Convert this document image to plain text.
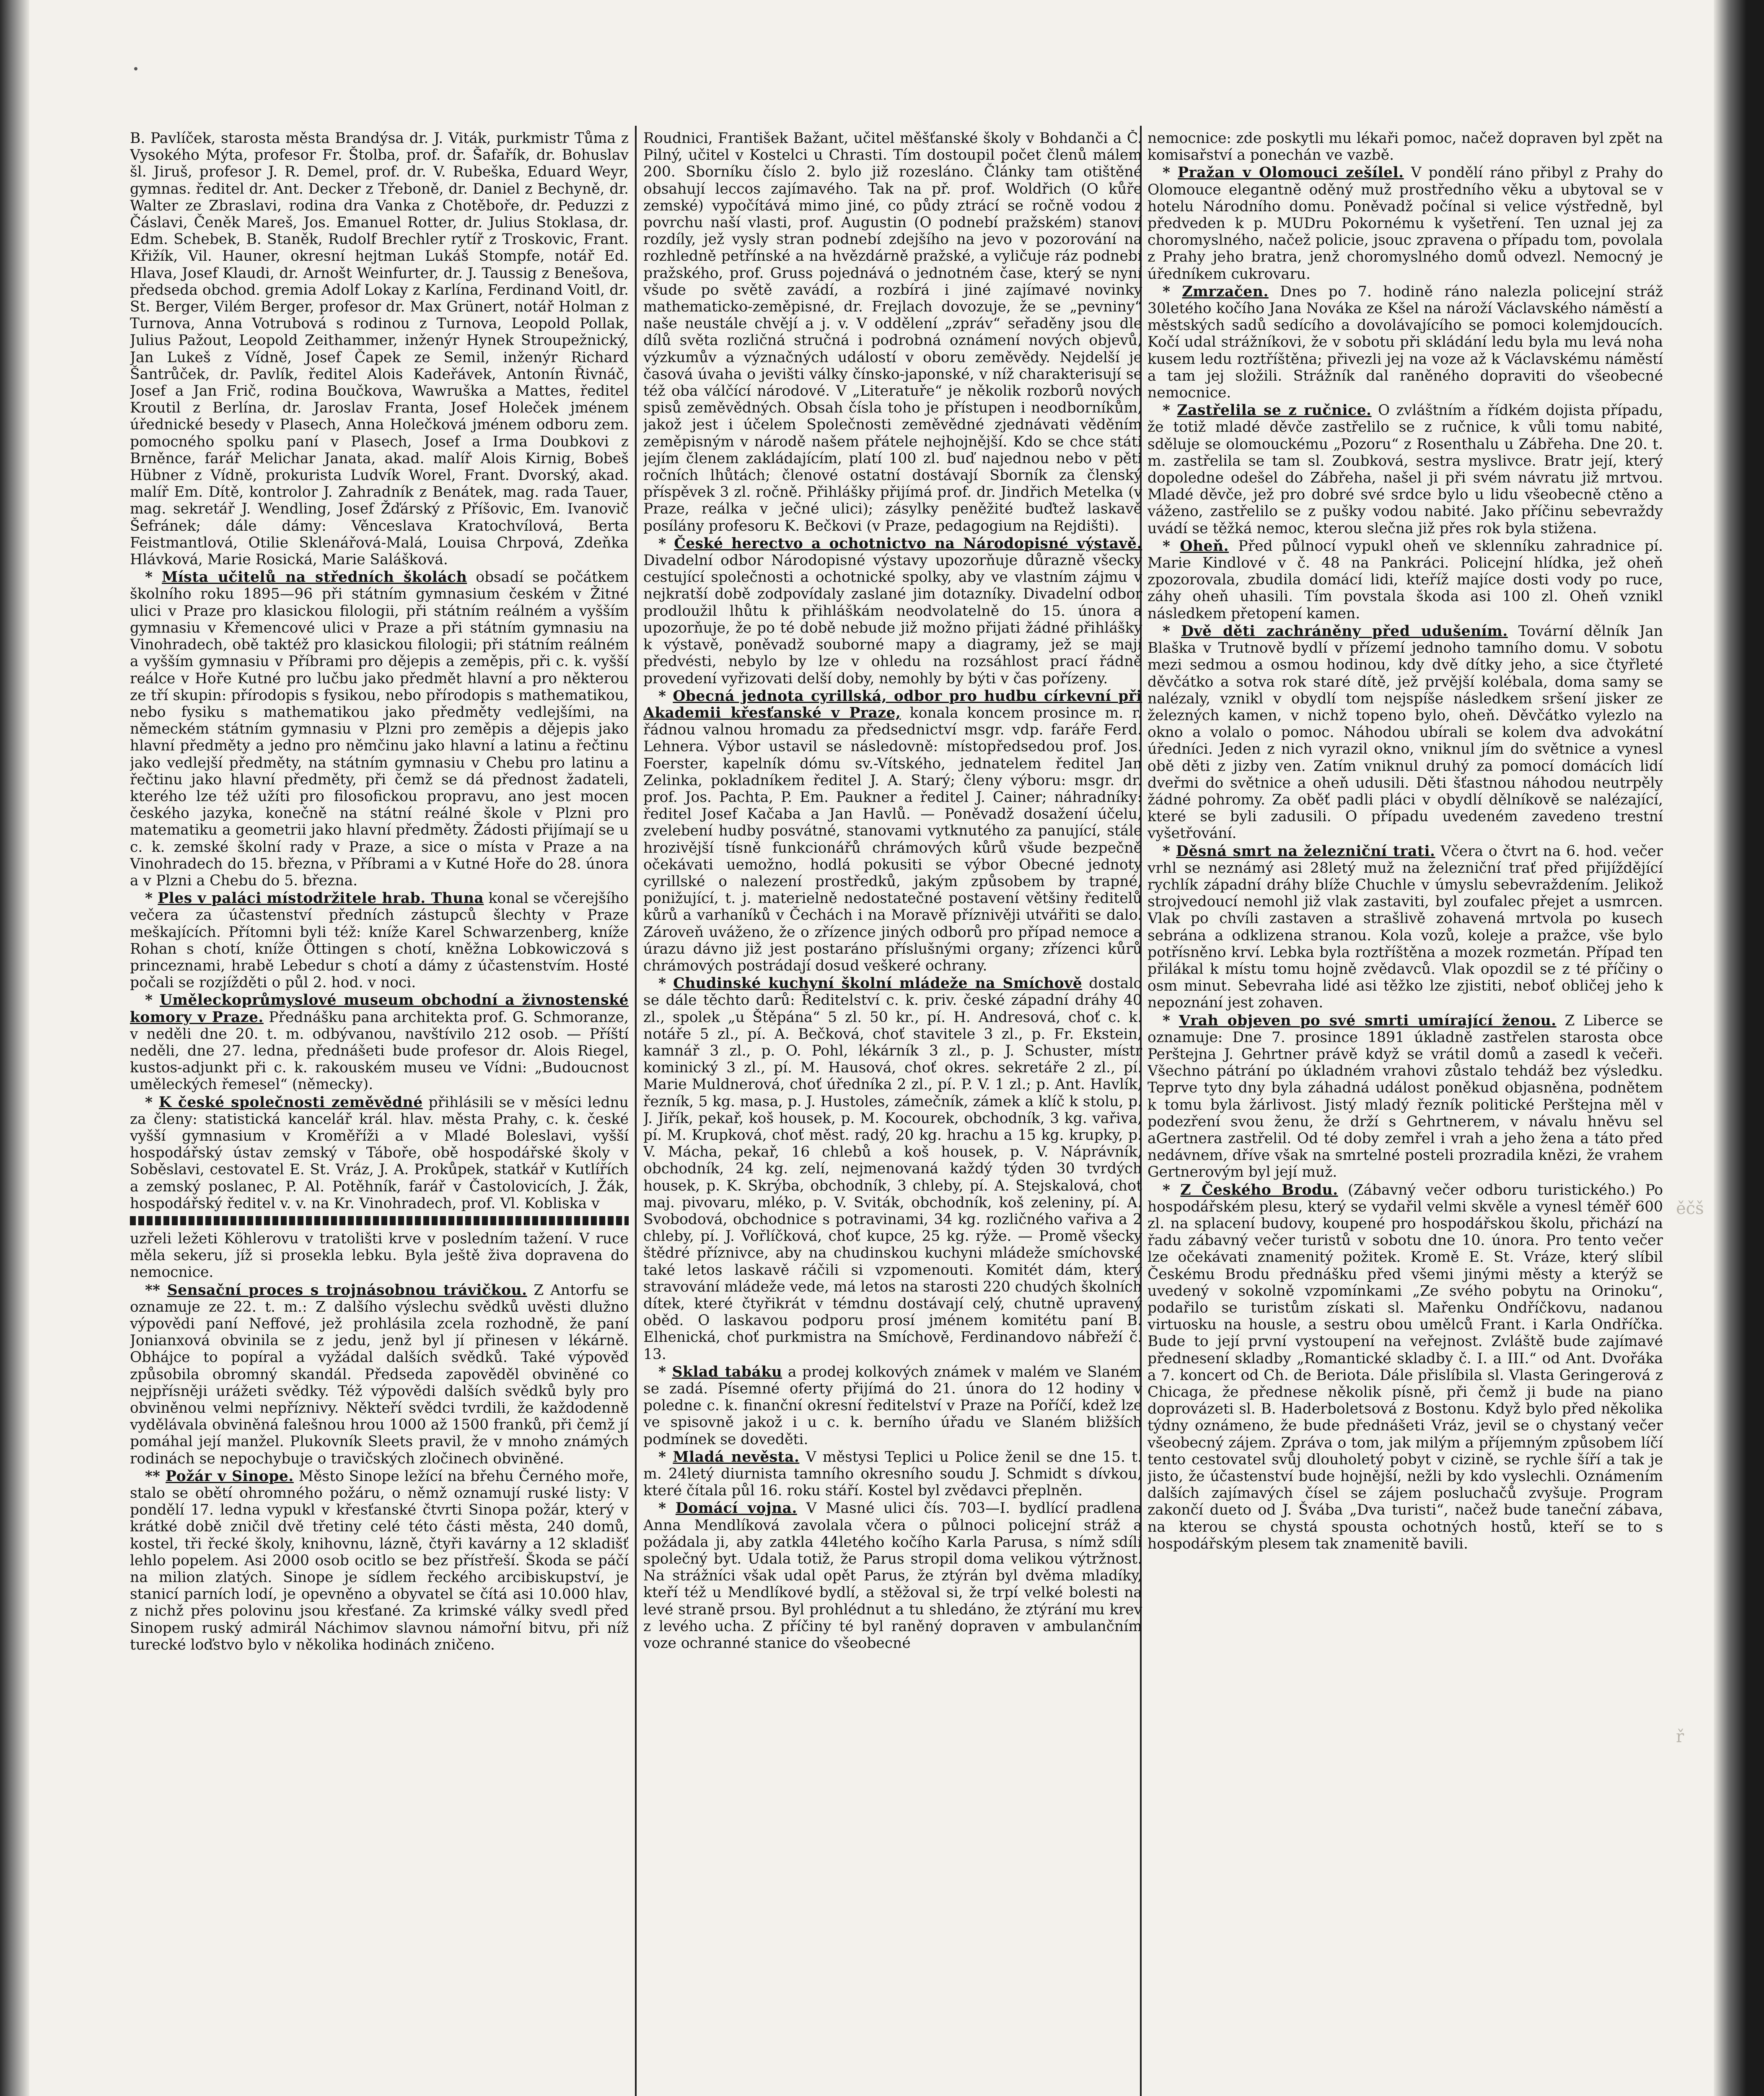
B. Pavlíček, starosta města Brandýsa dr. J. Viták, purkmistr Tůma z Vysokého Mýta, profesor Fr. Štolba, prof. dr. Šafařík, dr. Bohuslav šl. Jiruš, profesor J. R. Demel, prof. dr. V. Rubeška, Eduard Weyr, gymnas. ředitel dr. Ant. Decker z Třeboně, dr. Daniel z Bechyně, dr. Walter ze Zbraslavi, rodina dra Vanka z Chotěboře, dr. Peduzzi z Čáslavi, Čeněk Mareš, Jos. Emanuel Rotter, dr. Julius Stoklasa, dr. Edm. Schebek, B. Staněk, Rudolf Brechler rytíř z Troskovic, Frant. Křižík, Vil. Hauner, okresní hejtman Lukáš Stompfe, notář Ed. Hlava, Josef Klaudi, dr. Arnošt Weinfurter, dr. J. Taussig z Benešova, předseda obchod. gremia Adolf Lokay z Karlína, Ferdinand Voitl, dr. St. Berger, Vilém Berger, profesor dr. Max Grünert, notář Holman z Turnova, Anna Votrubová s rodinou z Turnova, Leopold Pollak, Julius Pažout, Leopold Zeithammer, inženýr Hynek Stroupežnický, Jan Lukeš z Vídně, Josef Čapek ze Semil, inženýr Richard Šantrůček, dr. Pavlík, ředitel Alois Kadeřávek, Antonín Řivnáč, Josef a Jan Frič, rodina Boučkova, Wawruška a Mattes, ředitel Kroutil z Berlína, dr. Jaroslav Franta, Josef Holeček jménem úřednické besedy v Plasech, Anna Holečková jménem odboru zem. pomocného spolku paní v Plasech, Josef a Irma Doubkovi z Brněnce, farář Melichar Janata, akad. malíř Alois Kirnig, Bobeš Hübner z Vídně, prokurista Ludvík Worel, Frant. Dvorský, akad. malíř Em. Dítě, kontrolor J. Zahradník z Benátek, mag. rada Tauer, mag. sekretář J. Wendling, Josef Žďárský z Příšovic, Em. Ivanovič Šefránek; dále dámy: Věnceslava Kratochvílová, Berta Feistmantlová, Otilie Sklenářová-Malá, Louisa Chrpová, Zdeňka Hlávková, Marie Rosická, Marie Salášková.

* Místa učitelů na středních školách obsadí se počátkem školního roku 1895—96 při státním gymnasium českém v Žitné ulici v Praze pro klasickou filologii, při státním reálném a vyšším gymnasiu v Křemencové ulici v Praze a při státním gymnasiu na Vinohradech, obě taktéž pro klasickou filologii; při státním reálném a vyšším gymnasiu v Příbrami pro dějepis a zeměpis, při c. k. vyšší reálce v Hoře Kutné pro lučbu jako předmět hlavní a pro některou ze tří skupin: přírodopis s fysikou, nebo přírodopis s mathematikou, nebo fysiku s mathematikou jako předměty vedlejšími, na německém státním gymnasiu v Plzni pro zeměpis a dějepis jako hlavní předměty a jedno pro němčinu jako hlavní a latinu a řečtinu jako vedlejší předměty, na státním gymnasiu v Chebu pro latinu a řečtinu jako hlavní předměty, při čemž se dá přednost žadateli, kterého lze též užíti pro filosofickou propravu, ano jest mocen českého jazyka, konečně na státní reálné škole v Plzni pro matematiku a geometrii jako hlavní předměty. Žádosti přijímají se u c. k. zemské školní rady v Praze, a sice o místa v Praze a na Vinohradech do 15. března, v Příbrami a v Kutné Hoře do 28. února a v Plzni a Chebu do 5. března.

* Ples v paláci místodržitele hrab. Thuna konal se včerejšího večera za účastenství předních zástupců šlechty v Praze meškajících. Přítomni byli též: kníže Karel Schwarzenberg, kníže Rohan s chotí, kníže Öttingen s chotí, kněžna Lobkowiczová s princeznami, hrabě Lebedur s chotí a dámy z účastenstvím. Hosté počali se rozjížděti o půl 2. hod. v noci.

* Uměleckoprůmyslové museum obchodní a živnostenské komory v Praze. Přednášku pana architekta prof. G. Schmoranze, v neděli dne 20. t. m. odbývanou, navštívilo 212 osob. — Příští neděli, dne 27. ledna, přednášeti bude profesor dr. Alois Riegel, kustos-adjunkt při c. k. rakouském museu ve Vídni: „Budoucnost uměleckých řemesel“ (německy).

* K české společnosti zeměvědné přihlásili se v měsíci lednu za členy: statistická kancelář král. hlav. města Prahy, c. k. české vyšší gymnasium v Kroměříži a v Mladé Boleslavi, vyšší hospodářský ústav zemský v Táboře, obě hospodářské školy v Soběslavi, cestovatel E. St. Vráz, J. A. Prokůpek, statkář v Kutlířích a zemský poslanec, P. Al. Potěhník, farář v Častolovicích, J. Žák, hospodářský ředitel v. v. na Kr. Vinohradech, prof. Vl. Kobliska v

uzřeli ležeti Köhlerovu v tratolišti krve v posledním tažení. V ruce měla sekeru, jíž si prosekla lebku. Byla ještě živa dopravena do nemocnice.

** Sensační proces s trojnásobnou trávičkou. Z Antorfu se oznamuje ze 22. t. m.: Z dalšího výslechu svědků uvěsti dlužno výpovědi paní Neffové, jež prohlásila zcela rozhodně, že paní Jonianxová obvinila se z jedu, jenž byl jí přinesen v lékárně. Obhájce to popíral a vyžádal dalších svědků. Také výpověď způsobila obromný skandál. Předseda zapověděl obviněné co nejpřísněji urážeti svědky. Též výpovědi dalších svědků byly pro obviněnou velmi nepříznivy. Někteří svědci tvrdili, že každodenně vydělávala obviněná falešnou hrou 1000 až 1500 franků, při čemž jí pomáhal její manžel. Plukovník Sleets pravil, že v mnoho známých rodinách se nepochybuje o travičských zločinech obviněné.

** Požár v Sinope. Město Sinope ležící na břehu Černého moře, stalo se obětí ohromného požáru, o němž oznamují ruské listy: V pondělí 17. ledna vypukl v křesťanské čtvrti Sinopa požár, který v krátké době zničil dvě třetiny celé této části města, 240 domů, kostel, tři řecké školy, knihovnu, lázně, čtyři kavárny a 12 skladišť lehlo popelem. Asi 2000 osob ocitlo se bez přístřeší. Škoda se páčí na milion zlatých. Sinope je sídlem řeckého arcibiskupství, je stanicí parních lodí, je opevněno a obyvatel se čítá asi 10.000 hlav, z nichž přes polovinu jsou křesťané. Za krimské války svedl před Sinopem ruský admirál Náchimov slavnou námořní bitvu, při níž turecké loďstvo bylo v několika hodinách zničeno.

Roudnici, František Bažant, učitel měšťanské školy v Bohdanči a Č. Pilný, učitel v Kostelci u Chrasti. Tím dostoupil počet členů málem 200. Sborníku číslo 2. bylo již rozesláno. Články tam otištěné obsahují leccos zajímavého. Tak na př. prof. Woldřich (O kůře zemské) vypočítává mimo jiné, co půdy ztrácí se ročně vodou z povrchu naší vlasti, prof. Augustin (O podnebí pražském) stanoví rozdíly, jež vysly stran podnebí zdejšího na jevo v pozorování na rozhledně petřínské a na hvězdárně pražské, a vyličuje ráz podnebí pražského, prof. Gruss pojednává o jednotném čase, který se nyní všude po světě zavádí, a rozbírá i jiné zajímavé novinky mathematicko-zeměpisné, dr. Frejlach dovozuje, že se „pevniny“ naše neustále chvějí a j. v. V oddělení „zpráv“ seřaděny jsou dle dílů světa rozličná stručná i podrobná oznámení nových objevů, výzkumův a význačných událostí v oboru zeměvědy. Nejdelší je časová úvaha o jevišti války čínsko-japonské, v níž charakterisují se též oba válčící národové. V „Literatuře“ je několik rozborů nových spisů zeměvědných. Obsah čísla toho je přístupen i neodborníkům, jakož jest i účelem Společnosti zeměvědné zjednávati věděním zeměpisným v národě našem přátele nejhojnější. Kdo se chce státi jejím členem zakládajícím, platí 100 zl. buď najednou nebo v pěti ročních lhůtách; členové ostatní dostávají Sborník za členský příspěvek 3 zl. ročně. Přihlášky přijímá prof. dr. Jindřich Metelka (v Praze, reálka v ječné ulici); zásylky peněžité buďtež laskavě posílány profesoru K. Bečkovi (v Praze, pedagogium na Rejdišti).

* České herectvo a ochotnictvo na Národopisné výstavě. Divadelní odbor Národopisné výstavy upozorňuje důrazně všecky cestující společnosti a ochotnické spolky, aby ve vlastním zájmu v nejkratší době zodpovídaly zaslané jim dotazníky. Divadelní odbor prodloužil lhůtu k přihláškám neodvolatelně do 15. února a upozorňuje, že po té době nebude již možno přijati žádné přihlášky k výstavě, poněvadž souborné mapy a diagramy, jež se mají předvésti, nebylo by lze v ohledu na rozsáhlost prací řádně provedení vyřizovati delší doby, nemohly by býti v čas pořízeny.

* Obecná jednota cyrillská, odbor pro hudbu církevní při Akademii křesťanské v Praze, konala koncem prosince m. r. řádnou valnou hromadu za předsednictví msgr. vdp. faráře Ferd. Lehnera. Výbor ustavil se následovně: místopředsedou prof. Jos. Foerster, kapelník dómu sv.-Vítského, jednatelem ředitel Jan Zelinka, pokladníkem ředitel J. A. Starý; členy výboru: msgr. dr. prof. Jos. Pachta, P. Em. Paukner a ředitel J. Cainer; náhradníky: ředitel Josef Kačaba a Jan Havlů. — Poněvadž dosažení účelu, zvelebení hudby posvátné, stanovami vytknutého za panující, stále hrozivější tísně funkcionářů chrámových kůrů všude bezpečně očekávati uemožno, hodlá pokusiti se výbor Obecné jednoty cyrillské o nalezení prostředků, jakým způsobem by trapné, ponižující, t. j. materielně nedostatečné postavení většiny ředitelů kůrů a varhaníků v Čechách i na Moravě příznivěji utvářiti se dalo. Zároveň uváženo, že o zřízence jiných odborů pro případ nemoce a úrazu dávno již jest postaráno příslušnými organy; zřízenci kůrů chrámových postrádají dosud veškeré ochrany.

* Chudinské kuchyní školní mládeže na Smíchově dostalo se dále těchto darů: Ředitelství c. k. priv. české západní dráhy 40 zl., spolek „u Štěpána“ 5 zl. 50 kr., pí. H. Andresová, choť c. k. notáře 5 zl., pí. A. Bečková, choť stavitele 3 zl., p. Fr. Ekstein, kamnář 3 zl., p. O. Pohl, lékárník 3 zl., p. J. Schuster, místr kominický 3 zl., pí. M. Hausová, choť okres. sekretáře 2 zl., pí. Marie Muldnerová, choť úředníka 2 zl., pí. P. V. 1 zl.; p. Ant. Havlík, řezník, 5 kg. masa, p. J. Hustoles, zámečník, zámek a klíč k stolu, p. J. Jiřík, pekař, koš housek, p. M. Kocourek, obchodník, 3 kg. vařiva, pí. M. Krupková, choť měst. radý, 20 kg. hrachu a 15 kg. krupky, p. V. Mácha, pekař, 16 chlebů a koš housek, p. V. Náprávník, obchodník, 24 kg. zelí, nejmenovaná každý týden 30 tvrdých housek, p. K. Skrýba, obchodník, 3 chleby, pí. A. Stejskalová, choť maj. pivovaru, mléko, p. V. Sviták, obchodník, koš zeleniny, pí. A. Svobodová, obchodnice s potravinami, 34 kg. rozličného vařiva a 2 chleby, pí. J. Vořlíčková, choť kupce, 25 kg. rýže. — Promě všecky štědré příznivce, aby na chudinskou kuchyni mládeže smíchovské také letos laskavě ráčili si vzpomenouti. Komitét dám, který stravování mládeže vede, má letos na starosti 220 chudých školních dítek, které čtyřikrát v témdnu dostávají celý, chutně upravený oběd. O laskavou podporu prosí jménem komitétu paní B. Elhenická, choť purkmistra na Smíchově, Ferdinandovo nábřeží č. 13.

* Sklad tabáku a prodej kolkových známek v malém ve Slaném se zadá. Písemné oferty přijímá do 21. února do 12 hodiny v poledne c. k. finanční okresní ředitelství v Praze na Poříčí, kdež lze ve spisovně jakož i u c. k. berního úřadu ve Slaném bližších podmínek se doveděti.

* Mladá nevěsta. V městysi Teplici u Police ženil se dne 15. t. m. 24letý diurnista tamního okresního soudu J. Schmidt s dívkou, které čítala půl 16. roku stáří. Kostel byl zvědavci přeplněn.

* Domácí vojna. V Masné ulici čís. 703—I. bydlící pradlena Anna Mendlíková zavolala včera o půlnoci policejní stráž a požádala ji, aby zatkla 44letého kočího Karla Parusa, s nímž sdílí společný byt. Udala totiž, že Parus stropil doma velikou výtržnost. Na strážníci však udal opět Parus, že ztýrán byl dvěma mladíky, kteří též u Mendlíkové bydlí, a stěžoval si, že trpí velké bolesti na levé straně prsou. Byl prohlédnut a tu shledáno, že ztýrání mu krev z levého ucha. Z příčiny té byl raněný dopraven v ambulančním voze ochranné stanice do všeobecné

nemocnice: zde poskytli mu lékaři pomoc, načež dopraven byl zpět na komisařství a ponechán ve vazbě.

* Pražan v Olomouci zešílel. V pondělí ráno přibyl z Prahy do Olomouce elegantně oděný muž prostředního věku a ubytoval se v hotelu Národního domu. Poněvadž počínal si velice výstředně, byl předveden k p. MUDru Pokornému k vyšetření. Ten uznal jej za choromyslného, načež policie, jsouc zpravena o případu tom, povolala z Prahy jeho bratra, jenž choromyslného domů odvezl. Nemocný je úředníkem cukrovaru.

* Zmrzačen. Dnes po 7. hodině ráno nalezla policejní stráž 30letého kočího Jana Nováka ze Kšel na nároží Václavského náměstí a městských sadů sedícího a dovolávajícího se pomoci kolemjdoucích. Kočí udal strážníkovi, že v sobotu při skládání ledu byla mu levá noha kusem ledu roztříštěna; přivezli jej na voze až k Václavskému náměstí a tam jej složili. Strážník dal raněného dopraviti do všeobecné nemocnice.

* Zastřelila se z ručnice. O zvláštním a řídkém dojista případu, že totiž mladé děvče zastřelilo se z ručnice, k vůli tomu nabité, sděluje se olomouckému „Pozoru“ z Rosenthalu u Zábřeha. Dne 20. t. m. zastřelila se tam sl. Zoubková, sestra myslivce. Bratr její, který dopoledne odešel do Zábřeha, našel ji při svém návratu již mrtvou. Mladé děvče, jež pro dobré své srdce bylo u lidu všeobecně ctěno a váženo, zastřelilo se z pušky vodou nabité. Jako příčinu sebevraždy uvádí se těžká nemoc, kterou slečna již přes rok byla stižena.

* Oheň. Před půlnocí vypukl oheň ve sklenníku zahradnice pí. Marie Kindlové v č. 48 na Pankráci. Policejní hlídka, jež oheň zpozorovala, zbudila domácí lidi, kteříž majíce dosti vody po ruce, záhy oheň uhasili. Tím povstala škoda asi 100 zl. Oheň vznikl následkem přetopení kamen.

* Dvě děti zachráněny před udušením. Tovární dělník Jan Blaška v Trutnově bydlí v přízemí jednoho tamního domu. V sobotu mezi sedmou a osmou hodinou, kdy dvě dítky jeho, a sice čtyřleté děvčátko a sotva rok staré dítě, jež prvější kolébala, doma samy se nalézaly, vznikl v obydlí tom nejspíše následkem sršení jisker ze železných kamen, v nichž topeno bylo, oheň. Děvčátko vylezlo na okno a volalo o pomoc. Náhodou ubírali se kolem dva advokátní úředníci. Jeden z nich vyrazil okno, vniknul jím do světnice a vynesl obě děti z jizby ven. Zatím vniknul druhý za pomocí domácích lidí dveřmi do světnice a oheň udusili. Děti šťastnou náhodou neutrpěly žádné pohromy. Za oběť padli pláci v obydlí dělníkově se nalézající, které se byli zadusili. O případu uvedeném zavedeno trestní vyšetřování.

* Děsná smrt na železniční trati. Včera o čtvrt na 6. hod. večer vrhl se neznámý asi 28letý muž na železniční trať před přijíždějící rychlík západní dráhy blíže Chuchle v úmyslu sebevraždením. Jelikož strojvedoucí nemohl již vlak zastaviti, byl zoufalec přejet a usmrcen. Vlak po chvíli zastaven a strašlivě zohavená mrtvola po kusech sebrána a odklizena stranou. Kola vozů, koleje a pražce, vše bylo potřísněno krví. Lebka byla roztříštěna a mozek rozmetán. Případ ten přilákal k místu tomu hojně zvědavců. Vlak opozdil se z té příčiny o osm minut. Sebevraha lidé asi těžko lze zjistiti, neboť obličej jeho k nepoznání jest zohaven.

* Vrah objeven po své smrti umírající ženou. Z Liberce se oznamuje: Dne 7. prosince 1891 úkladně zastřelen starosta obce Perštejna J. Gehrtner právě když se vrátil domů a zasedl k večeři. Všechno pátrání po úkladném vrahovi zůstalo tehdáž bez výsledku. Teprve tyto dny byla záhadná událost poněkud objasněna, podnětem k tomu byla žárlivost. Jistý mladý řezník politické Perštejna měl v podezření svou ženu, že drží s Gehrtnerem, v návalu hněvu sel aGertnera zastřelil. Od té doby zemřel i vrah a jeho žena a táto před nedávnem, dříve však na smrtelné posteli prozradila knězi, že vrahem Gertnerovým byl její muž.

* Z Českého Brodu. (Zábavný večer odboru turistického.) Po hospodářském plesu, který se vydařil velmi skvěle a vynesl téměř 600 zl. na splacení budovy, koupené pro hospodářskou školu, přichází na řadu zábavný večer turistů v sobotu dne 10. února. Pro tento večer lze očekávati znamenitý požitek. Kromě E. St. Vráze, který slíbil Českému Brodu přednášku před všemi jinými městy a kterýž se uvedený v sokolně vzpomínkami „Ze svého pobytu na Orinoku“, podařilo se turistům získati sl. Mařenku Ondříčkovu, nadanou virtuosku na housle, a sestru obou umělců Frant. i Karla Ondříčka. Bude to její první vystoupení na veřejnost. Zvláště bude zajímavé přednesení skladby „Romantické skladby č. I. a III.“ od Ant. Dvořáka a 7. koncert od Ch. de Beriota. Dále přislíbila sl. Vlasta Geringerová z Chicaga, že přednese několik písně, při čemž ji bude na piano doprovázeti sl. B. Haderboletsová z Bostonu. Když bylo před několika týdny oznámeno, že bude přednášeti Vráz, jevil se o chystaný večer všeobecný zájem. Zpráva o tom, jak milým a příjemným způsobem líčí tento cestovatel svůj dlouholetý pobyt v cizině, se rychle šíří a tak je jisto, že účastenství bude hojnější, nežli by kdo vyslechli. Oznámením dalších zajímavých čísel se zájem posluchačů zvyšuje. Program zakončí dueto od J. Švába „Dva turisti“, načež bude taneční zábava, na kterou se chystá spousta ochotných hostů, kteří se to s hospodářským plesem tak znamenitě bavili.

ěčš
ř
